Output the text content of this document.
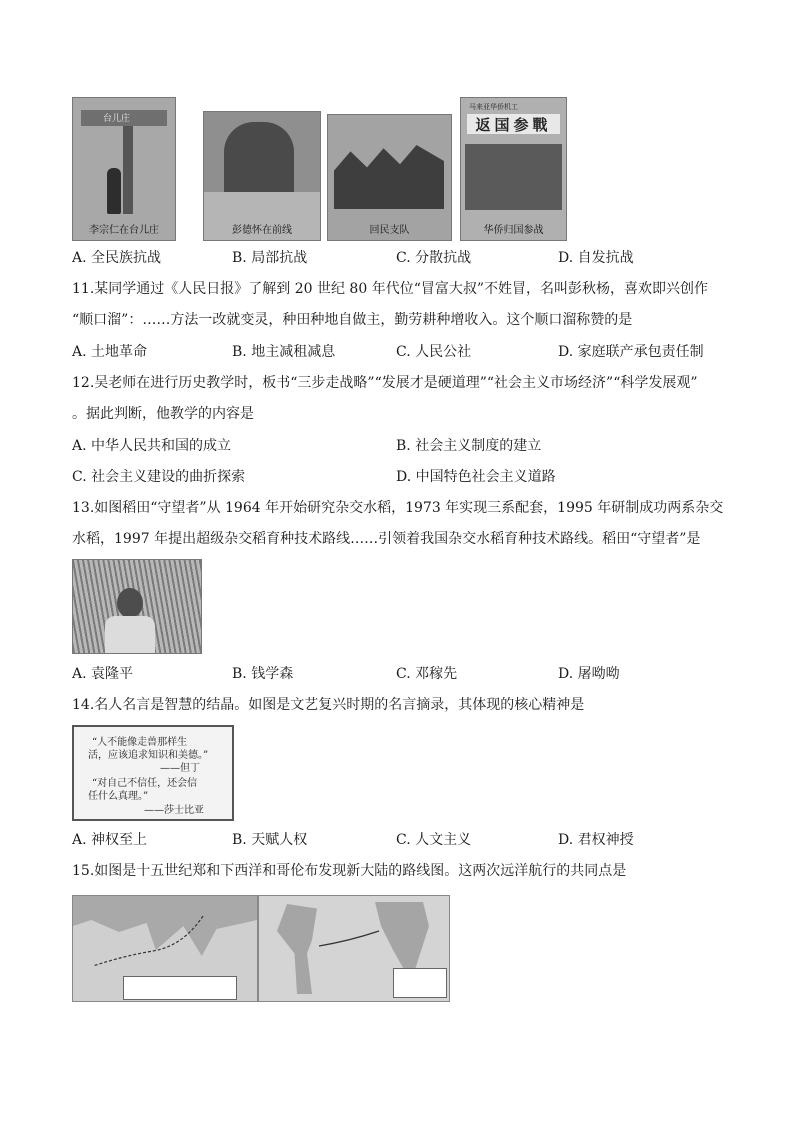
台儿庄
李宗仁在台儿庄	彭德怀在前线	回民支队
马来亚华侨机工
返国参戰
华侨归国参战
A. 全民族抗战	B. 局部抗战	C. 分散抗战	D. 自发抗战
11.某同学通过《人民日报》了解到 20 世纪 80 年代位“冒富大叔”不姓冒，名叫彭秋杨，喜欢即兴创作
“顺口溜”：……方法一改就变灵，种田种地自做主，勤劳耕种增收入。这个顺口溜称赞的是
A. 土地革命	B. 地主减租减息	C. 人民公社	D. 家庭联产承包责任制
12.吴老师在进行历史教学时，板书“三步走战略”“发展才是硬道理”“社会主义市场经济”“科学发展观”
。据此判断，他教学的内容是
A. 中华人民共和国的成立	B. 社会主义制度的建立
C. 社会主义建设的曲折探索	D. 中国特色社会主义道路
13.如图稻田“守望者”从 1964 年开始研究杂交水稻，1973 年实现三系配套，1995 年研制成功两系杂交
水稻，1997 年提出超级杂交稻育种技术路线……引领着我国杂交水稻育种技术路线。稻田“守望者”是
A. 袁隆平	B. 钱学森	C. 邓稼先	D. 屠呦呦
14.名人名言是智慧的结晶。如图是文艺复兴时期的名言摘录，其体现的核心精神是
“人不能像走兽那样生
活，应该追求知识和美德。”
——但丁
“对自己不信任，还会信
任什么真理。”
——莎士比亚
A. 神权至上	B. 天赋人权	C. 人文主义	D. 君权神授
15.如图是十五世纪郑和下西洋和哥伦布发现新大陆的路线图。这两次远洋航行的共同点是
